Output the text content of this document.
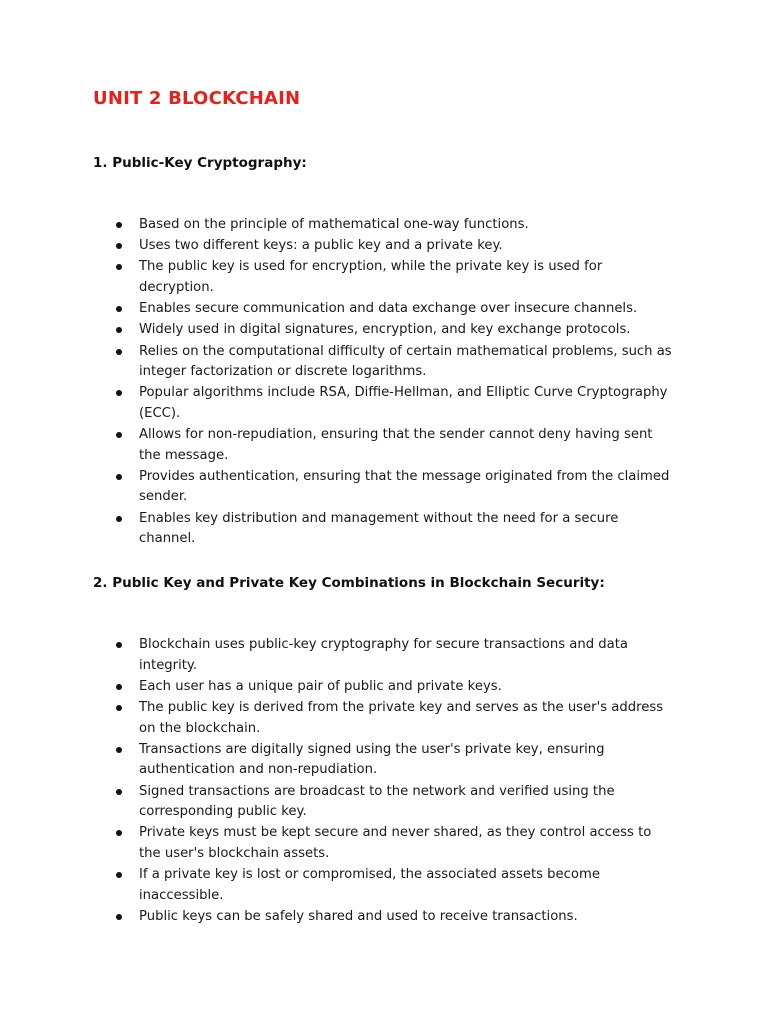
UNIT 2 BLOCKCHAIN
1. Public-Key Cryptography:
Based on the principle of mathematical one-way functions.
Uses two different keys: a public key and a private key.
The public key is used for encryption, while the private key is used for decryption.
Enables secure communication and data exchange over insecure channels.
Widely used in digital signatures, encryption, and key exchange protocols.
Relies on the computational difficulty of certain mathematical problems, such as integer factorization or discrete logarithms.
Popular algorithms include RSA, Diffie-Hellman, and Elliptic Curve Cryptography (ECC).
Allows for non-repudiation, ensuring that the sender cannot deny having sent the message.
Provides authentication, ensuring that the message originated from the claimed sender.
Enables key distribution and management without the need for a secure channel.
2. Public Key and Private Key Combinations in Blockchain Security:
Blockchain uses public-key cryptography for secure transactions and data integrity.
Each user has a unique pair of public and private keys.
The public key is derived from the private key and serves as the user's address on the blockchain.
Transactions are digitally signed using the user's private key, ensuring authentication and non-repudiation.
Signed transactions are broadcast to the network and verified using the corresponding public key.
Private keys must be kept secure and never shared, as they control access to the user's blockchain assets.
If a private key is lost or compromised, the associated assets become inaccessible.
Public keys can be safely shared and used to receive transactions.
